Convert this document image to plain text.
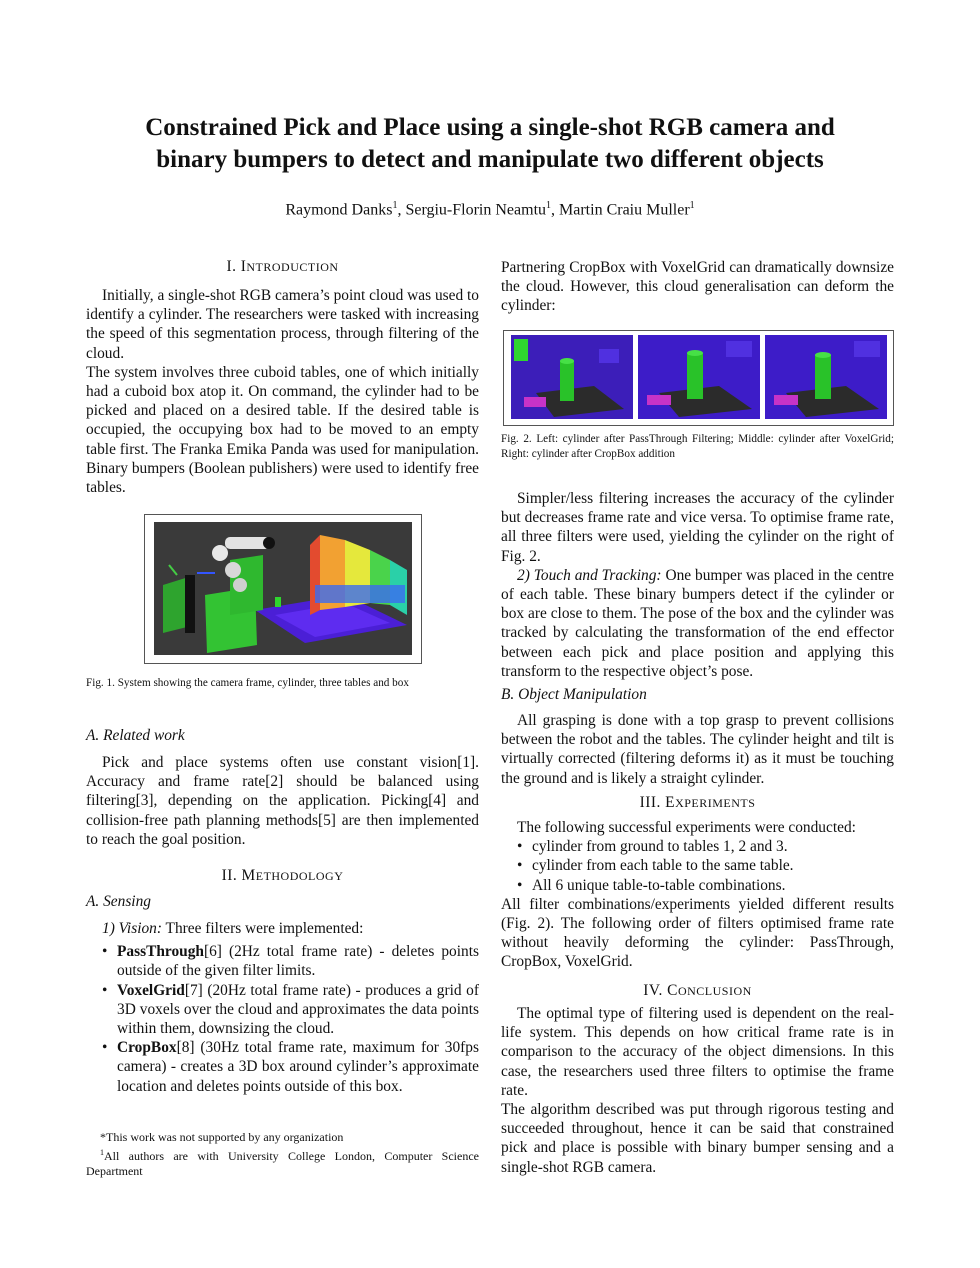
Constrained Pick and Place using a single-shot RGB camera and
binary bumpers to detect and manipulate two different objects
Raymond Danks$^1$, Sergiu-Florin Neamtu$^1$, Martin Craiu Muller$^1$
I. INTRODUCTION

Initially, a single-shot RGB camera’s point cloud was used to identify a cylinder. The researchers were tasked with increasing the speed of this segmentation process, through filtering of the cloud.

The system involves three cuboid tables, one of which initially had a cuboid box atop it. On command, the cylinder had to be picked and placed on a desired table. If the desired table is occupied, the occupying box had to be moved to an empty table first. The Franka Emika Panda was used for manipulation. Binary bumpers (Boolean publishers) were used to identify free tables.

Fig. 1. System showing the camera frame, cylinder, three tables and box
A. Related work

Pick and place systems often use constant vision[1]. Accuracy and frame rate[2] should be balanced using filtering[3], depending on the application. Picking[4] and collision-free path planning methods[5] are then implemented to reach the goal position.

II. METHODOLOGY
A. Sensing

1) Vision: Three filters were implemented:

• PassThrough[6] (2Hz total frame rate) - deletes points outside of the given filter limits.
• VoxelGrid[7] (20Hz total frame rate) - produces a grid of 3D voxels over the cloud and approximates the data points within them, downsizing the cloud.
• CropBox[8] (30Hz total frame rate, maximum for 30fps camera) - creates a 3D box around cylinder’s approximate location and deletes points outside of this box.
*This work was not supported by any organization
$^1$All authors are with University College London, Computer Science Department

Partnering CropBox with VoxelGrid can dramatically downsize the cloud. However, this cloud generalisation can deform the cylinder:

Fig. 2. Left: cylinder after PassThrough Filtering; Middle: cylinder after VoxelGrid; Right: cylinder after CropBox addition

Simpler/less filtering increases the accuracy of the cylinder but decreases frame rate and vice versa. To optimise frame rate, all three filters were used, yielding the cylinder on the right of Fig. 2.

2) Touch and Tracking: One bumper was placed in the centre of each table. These binary bumpers detect if the cylinder or box are close to them. The pose of the box and the cylinder was tracked by calculating the transformation of the end effector between each pick and place position and applying this transform to the respective object’s pose.

B. Object Manipulation

All grasping is done with a top grasp to prevent collisions between the robot and the tables. The cylinder height and tilt is virtually corrected (filtering deforms it) as it must be touching the ground and is likely a straight cylinder.

III. EXPERIMENTS

The following successful experiments were conducted:

• cylinder from ground to tables 1, 2 and 3.
• cylinder from each table to the same table.
• All 6 unique table-to-table combinations.

All filter combinations/experiments yielded different results (Fig. 2). The following order of filters optimised frame rate without heavily deforming the cylinder: PassThrough, CropBox, VoxelGrid.

IV. CONCLUSION

The optimal type of filtering used is dependent on the real-life system. This depends on how critical frame rate is in comparison to the accuracy of the object dimensions. In this case, the researchers used three filters to optimise the frame rate.

The algorithm described was put through rigorous testing and succeeded throughout, hence it can be said that constrained pick and place is possible with binary bumper sensing and a single-shot RGB camera.
